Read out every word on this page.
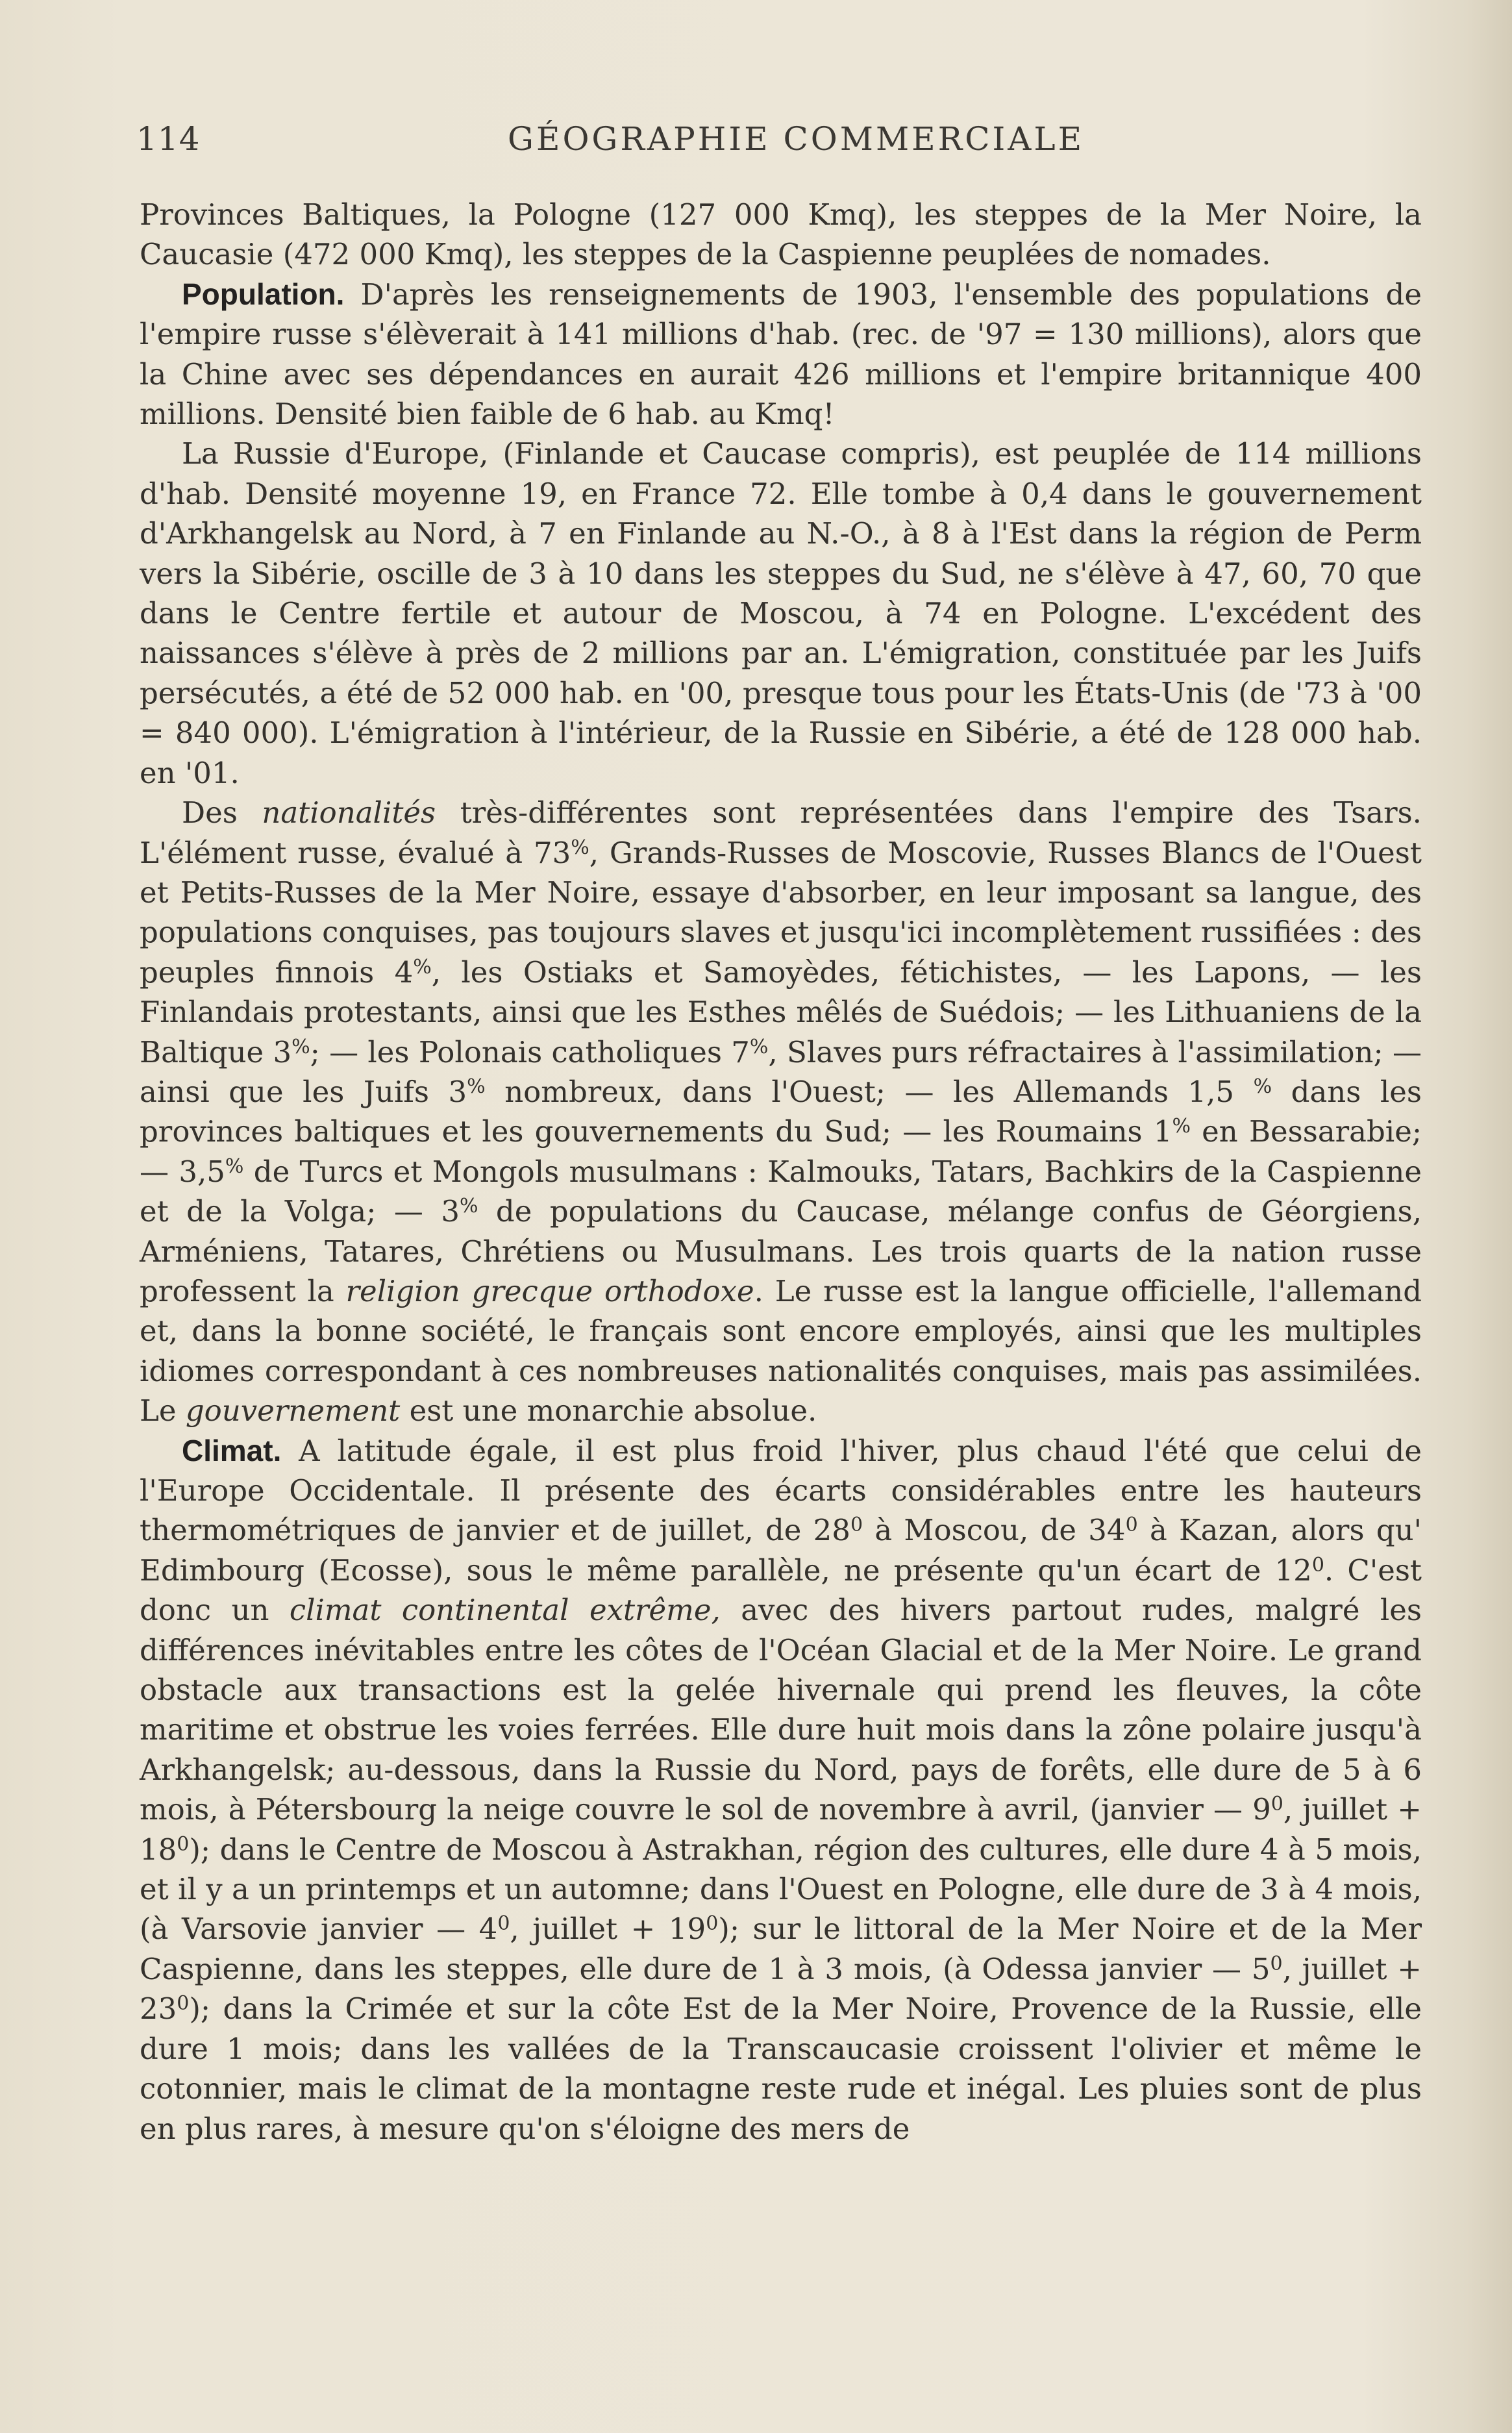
114	GÉOGRAPHIE COMMERCIALE

Provinces Baltiques, la Pologne (127 000 Kmq), les steppes de la Mer Noire, la Caucasie (472 000 Kmq), les steppes de la Caspienne peuplées de nomades.

Population. D'après les renseignements de 1903, l'ensemble des populations de l'empire russe s'élèverait à 141 millions d'hab. (rec. de '97 = 130 millions), alors que la Chine avec ses dépendances en aurait 426 millions et l'empire britannique 400 millions. Densité bien faible de 6 hab. au Kmq!

La Russie d'Europe, (Finlande et Caucase compris), est peuplée de 114 millions d'hab. Densité moyenne 19, en France 72. Elle tombe à 0,4 dans le gouvernement d'Arkhangelsk au Nord, à 7 en Finlande au N.-O., à 8 à l'Est dans la région de Perm vers la Sibérie, oscille de 3 à 10 dans les steppes du Sud, ne s'élève à 47, 60, 70 que dans le Centre fertile et autour de Moscou, à 74 en Pologne. L'excédent des naissances s'élève à près de 2 millions par an. L'émigration, constituée par les Juifs persécutés, a été de 52 000 hab. en '00, presque tous pour les États-Unis (de '73 à '00 = 840 000). L'émigration à l'intérieur, de la Russie en Sibérie, a été de 128 000 hab. en '01.

Des nationalités très-différentes sont représentées dans l'empire des Tsars. L'élément russe, évalué à 73%, Grands-Russes de Moscovie, Russes Blancs de l'Ouest et Petits-Russes de la Mer Noire, essaye d'absorber, en leur imposant sa langue, des populations conquises, pas toujours slaves et jusqu'ici incomplètement russifiées : des peuples finnois 4%, les Ostiaks et Samoyèdes, fétichistes, — les Lapons, — les Finlandais protestants, ainsi que les Esthes mêlés de Suédois; — les Lithuaniens de la Baltique 3%; — les Polonais catholiques 7%, Slaves purs réfractaires à l'assimilation; — ainsi que les Juifs 3% nombreux, dans l'Ouest; — les Allemands 1,5 % dans les provinces baltiques et les gouvernements du Sud; — les Roumains 1% en Bessarabie; — 3,5% de Turcs et Mongols musulmans : Kalmouks, Tatars, Bachkirs de la Caspienne et de la Volga; — 3% de populations du Caucase, mélange confus de Géorgiens, Arméniens, Tatares, Chrétiens ou Musulmans. Les trois quarts de la nation russe professent la religion grecque orthodoxe. Le russe est la langue officielle, l'allemand et, dans la bonne société, le français sont encore employés, ainsi que les multiples idiomes correspondant à ces nombreuses nationalités conquises, mais pas assimilées. Le gouvernement est une monarchie absolue.

Climat. A latitude égale, il est plus froid l'hiver, plus chaud l'été que celui de l'Europe Occidentale. Il présente des écarts considérables entre les hauteurs thermométriques de janvier et de juillet, de $28^0$ à Moscou, de $34^0$ à Kazan, alors qu' Edimbourg (Ecosse), sous le même parallèle, ne présente qu'un écart de $12^0$. C'est donc un climat continental extrême, avec des hivers partout rudes, malgré les différences inévitables entre les côtes de l'Océan Glacial et de la Mer Noire. Le grand obstacle aux transactions est la gelée hivernale qui prend les fleuves, la côte maritime et obstrue les voies ferrées. Elle dure huit mois dans la zône polaire jusqu'à Arkhangelsk; au-dessous, dans la Russie du Nord, pays de forêts, elle dure de 5 à 6 mois, à Pétersbourg la neige couvre le sol de novembre à avril, (janvier — $9^0$, juillet + $18^0$); dans le Centre de Moscou à Astrakhan, région des cultures, elle dure 4 à 5 mois, et il y a un printemps et un automne; dans l'Ouest en Pologne, elle dure de 3 à 4 mois, (à Varsovie janvier — $4^0$, juillet + $19^0$); sur le littoral de la Mer Noire et de la Mer Caspienne, dans les steppes, elle dure de 1 à 3 mois, (à Odessa janvier — $5^0$, juillet + $23^0$); dans la Crimée et sur la côte Est de la Mer Noire, Provence de la Russie, elle dure 1 mois; dans les vallées de la Transcaucasie croissent l'olivier et même le cotonnier, mais le climat de la montagne reste rude et inégal. Les pluies sont de plus en plus rares, à mesure qu'on s'éloigne des mers de
